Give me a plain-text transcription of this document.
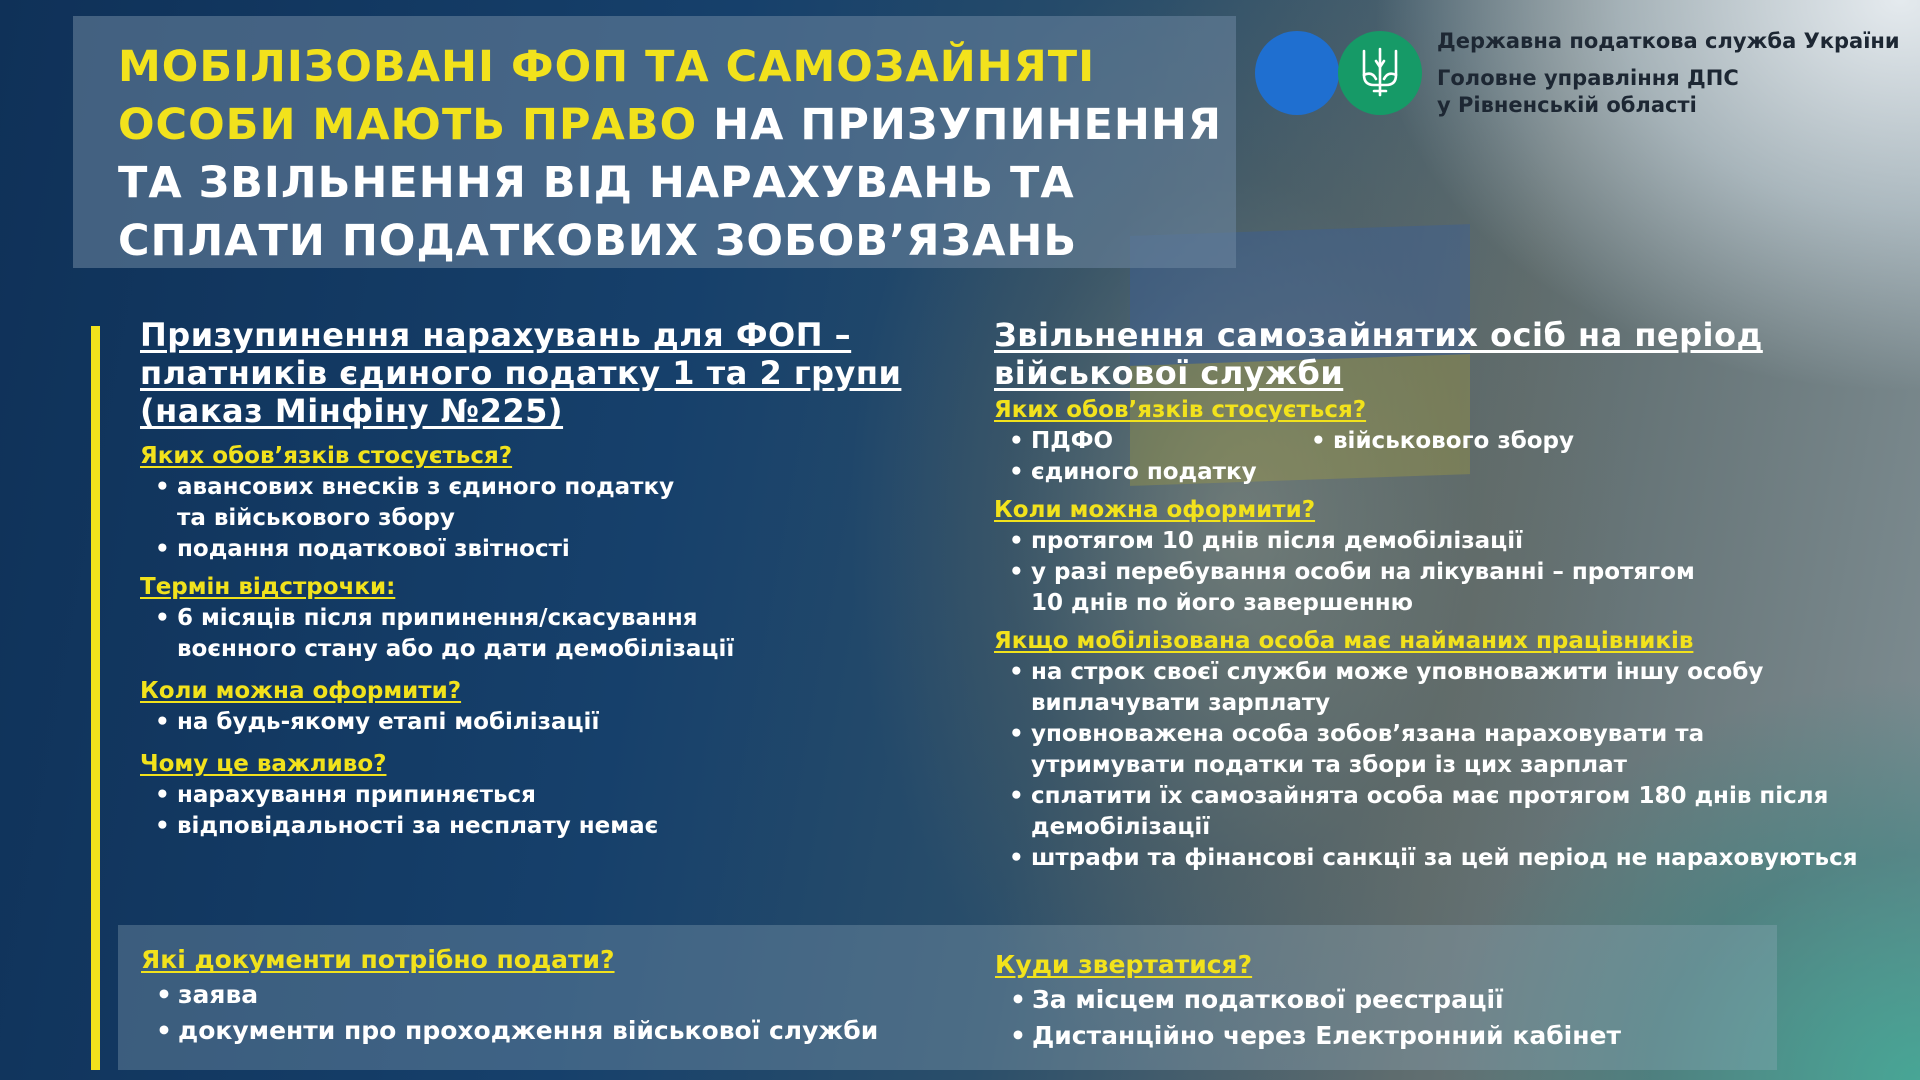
МОБІЛІЗОВАНІ ФОП ТА САМОЗАЙНЯТІ ОСОБИ МАЮТЬ ПРАВО НА ПРИЗУПИНЕННЯ ТА ЗВІЛЬНЕННЯ ВІД НАРАХУВАНЬ ТА СПЛАТИ ПОДАТКОВИХ ЗОБОВ’ЯЗАНЬ
Державна податкова служба України
Головне управління ДПС
у Рівненській області
Призупинення нарахувань для ФОП – платників єдиного податку 1 та 2 групи (наказ Мінфіну №225)
Яких обов’язків стосується?
• авансових внесків з єдиного податку
та військового збору
• подання податкової звітності
Термін відстрочки:
• 6 місяців після припинення/скасування
воєнного стану або до дати демобілізації
Коли можна оформити?
• на будь-якому етапі мобілізації
Чому це важливо?
• нарахування припиняється
• відповідальності за несплату немає
Звільнення самозайнятих осіб на період військової служби
Яких обов’язків стосується?
• ПДФО
• єдиного податку
• військового збору
Коли можна оформити?
• протягом 10 днів після демобілізації
• у разі перебування особи на лікуванні – протягом
10 днів по його завершенню
Якщо мобілізована особа має найманих працівників
• на строк своєї служби може уповноважити іншу особу
виплачувати зарплату
• уповноважена особа зобов’язана нараховувати та
утримувати податки та збори із цих зарплат
• сплатити їх самозайнята особа має протягом 180 днів після
демобілізації
• штрафи та фінансові санкції за цей період не нараховуються
Які документи потрібно подати?
• заява
• документи про проходження військової служби
Куди звертатися?
• За місцем податкової реєстрації
• Дистанційно через Електронний кабінет
